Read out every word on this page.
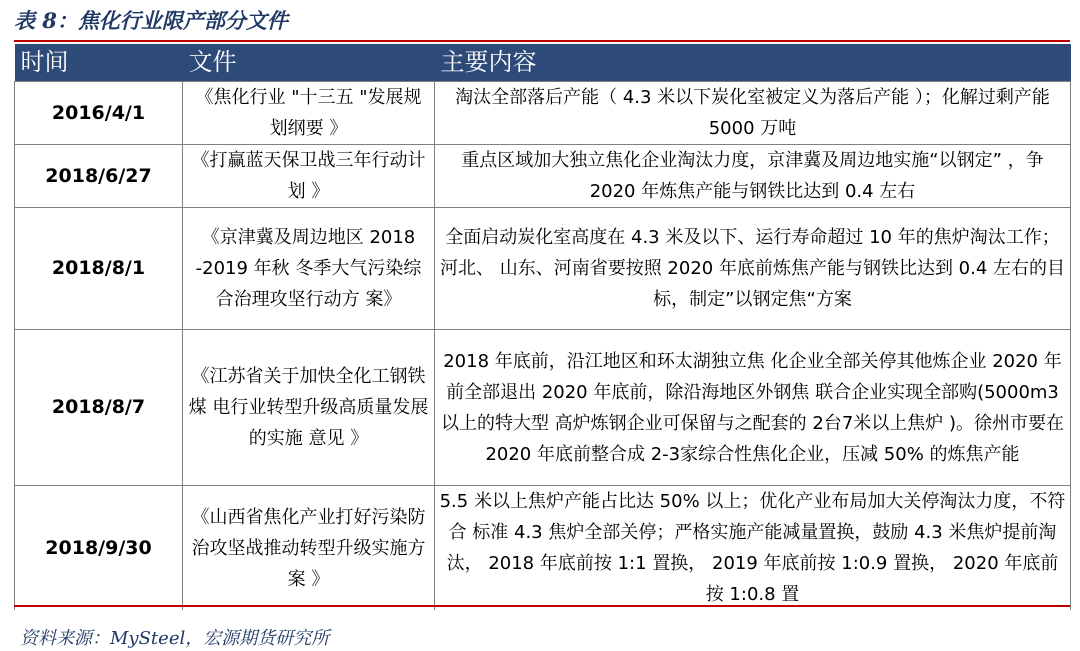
表 8：焦化行业限产部分文件
时间	文件	主要内容
2016/4/1	《焦化行业 "十三五 "发展规划纲要 》	淘汰全部落后产能（ 4.3 米以下炭化室被定义为落后产能 ）；化解过剩产能 5000 万吨
2018/6/27	《打赢蓝天保卫战三年行动计划 》	重点区域加大独立焦化企业淘汰力度，京津冀及周边地实施“以钢定” ，争2020 年炼焦产能与钢铁比达到 0.4 左右
2018/8/1	《京津冀及周边地区 2018 -2019 年秋 冬季大气污染综合治理攻坚行动方 案》	全面启动炭化室高度在 4.3 米及以下、运行寿命超过 10 年的焦炉淘汰工作；河北、 山东、河南省要按照 2020 年底前炼焦产能与钢铁比达到 0.4 左右的目标，制定”以钢定焦“方案
2018/8/7	《江苏省关于加快全化工钢铁煤 电行业转型升级高质量发展的实施 意见 》	2018 年底前，沿江地区和环太湖独立焦 化企业全部关停其他炼企业 2020 年前全部退出 2020 年底前，除沿海地区外钢焦 联合企业实现全部购(5000m3 以上的特大型 高炉炼钢企业可保留与之配套的 2台7米以上焦炉 )。徐州市要在 2020 年底前整合成 2-3家综合性焦化企业，压减 50% 的炼焦产能
2018/9/30	《山西省焦化产业打好污染防治攻坚战推动转型升级实施方案 》	5.5 米以上焦炉产能占比达 50% 以上；优化产业布局加大关停淘汰力度，不符合 标准 4.3 焦炉全部关停；严格实施产能减量置换，鼓励 4.3 米焦炉提前淘汰， 2018 年底前按 1:1 置换， 2019 年底前按 1:0.9 置换， 2020 年底前按 1:0.8 置
资料来源：MySteel，宏源期货研究所
